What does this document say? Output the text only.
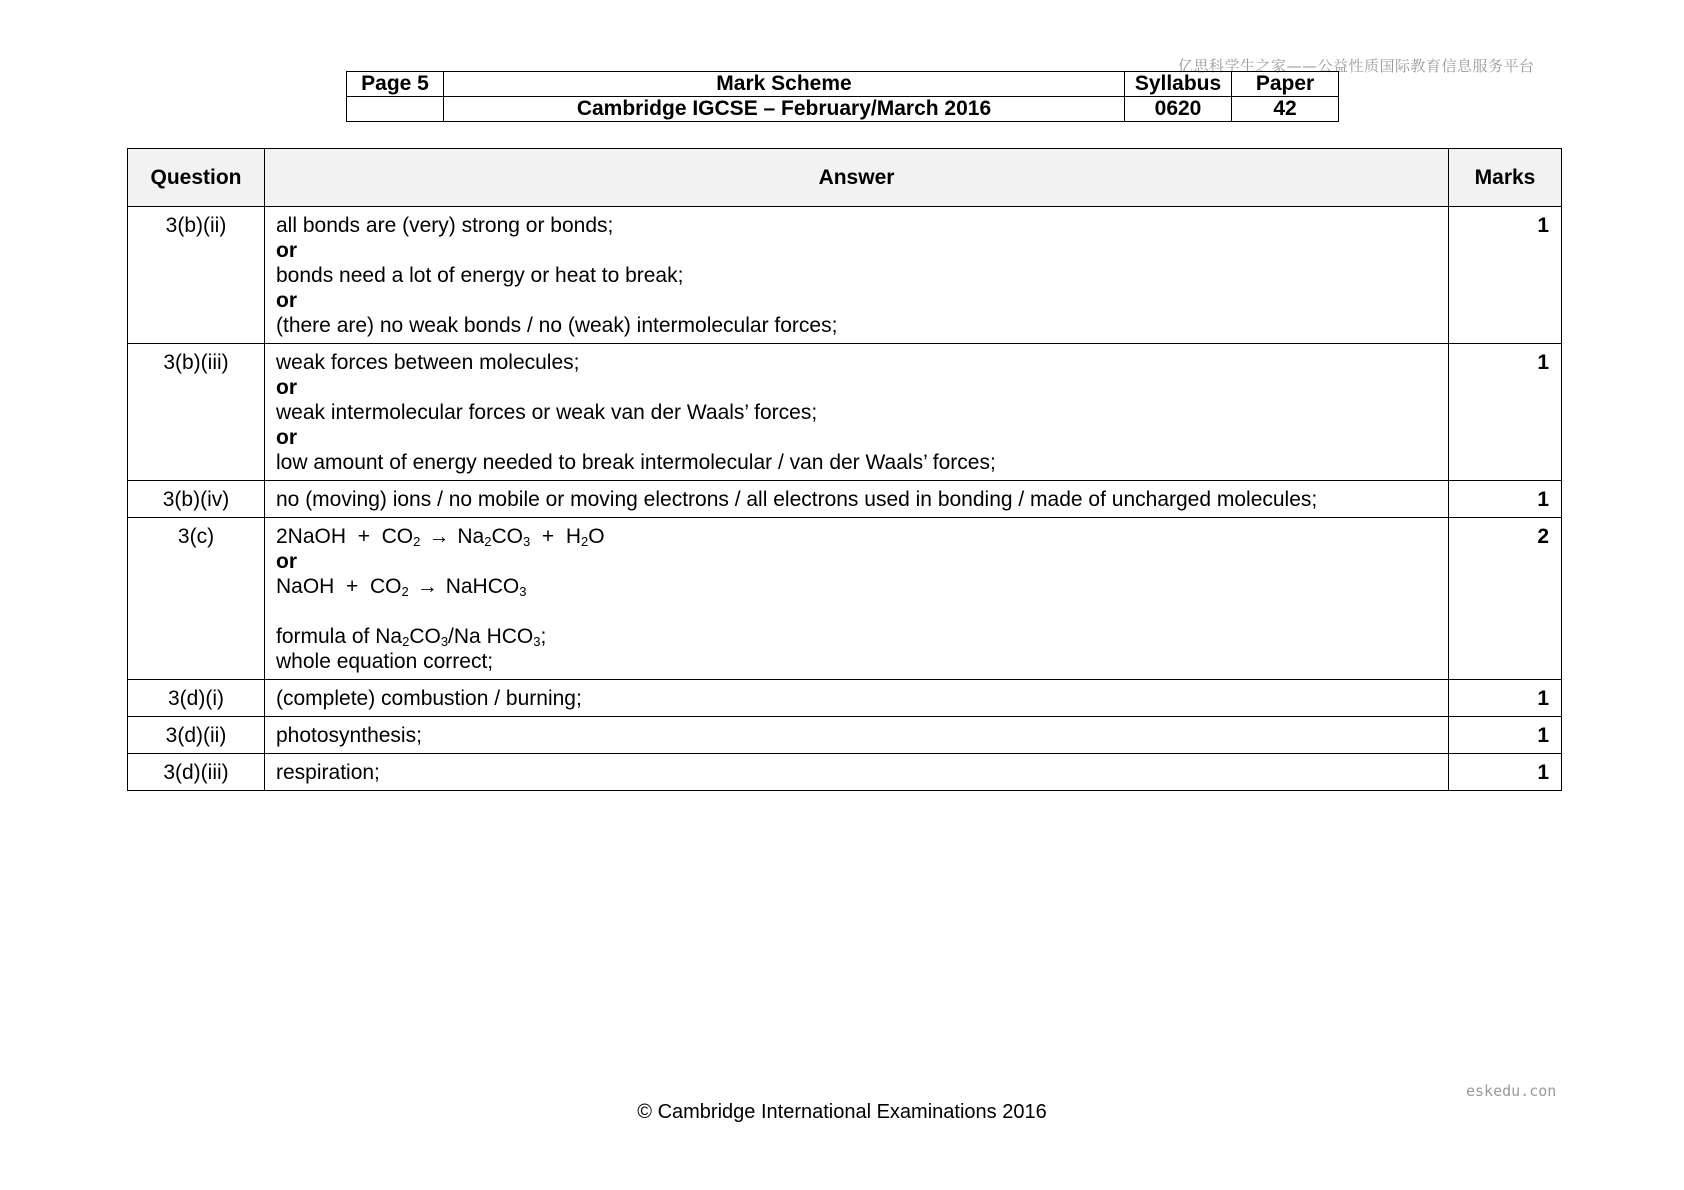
亿思科学生之家——公益性质国际教育信息服务平台
Page 5	Mark Scheme	Syllabus	Paper
	Cambridge IGCSE – February/March 2016	0620	42
Question	Answer	Marks
3(b)(ii)	all bonds are (very) strong or bonds;
or
bonds need a lot of energy or heat to break;
or
(there are) no weak bonds / no (weak) intermolecular forces;	1
3(b)(iii)	weak forces between molecules;
or
weak intermolecular forces or weak van der Waals’ forces;
or
low amount of energy needed to break intermolecular / van der Waals’ forces;	1
3(b)(iv)	no (moving) ions / no mobile or moving electrons / all electrons used in bonding / made of uncharged molecules;	1
3(c)	2NaOH + $CO_2 \to Na_2CO_3 + H_2O$
or
NaOH + $CO_2$ → NaHCO$_3$
formula of $Na_2CO_3/Na$ $HCO_3$;
whole equation correct;	2
3(d)(i)	(complete) combustion / burning;	1
3(d)(ii)	photosynthesis;	1
3(d)(iii)	respiration;	1
eskedu.con
© Cambridge International Examinations 2016
